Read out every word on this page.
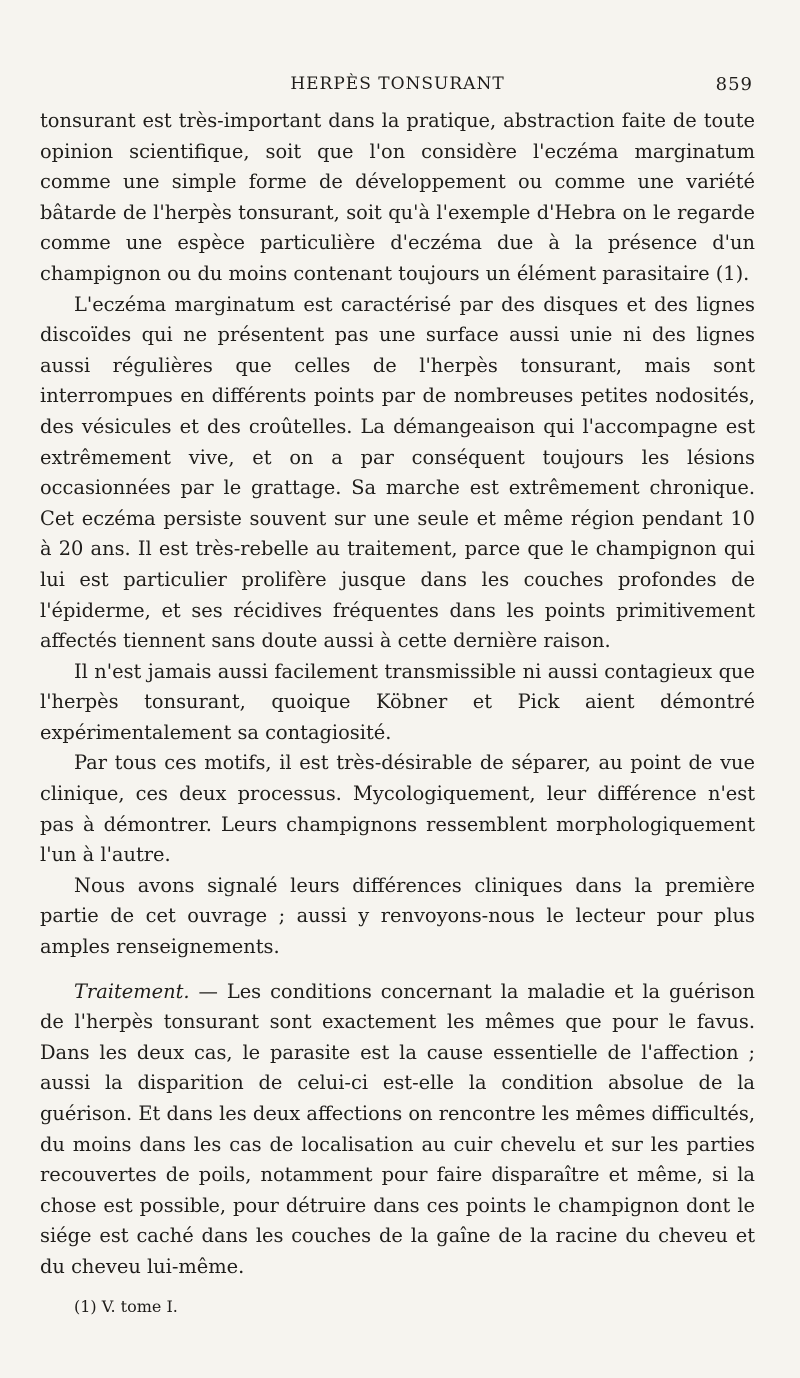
HERPÈS TONSURANT	859

tonsurant est très-important dans la pratique, abstraction faite de toute opinion scientifique, soit que l'on considère l'eczéma marginatum comme une simple forme de développement ou comme une variété bâtarde de l'herpès tonsurant, soit qu'à l'exemple d'Hebra on le regarde comme une espèce particulière d'eczéma due à la présence d'un champignon ou du moins contenant toujours un élément parasitaire (1).

L'eczéma marginatum est caractérisé par des disques et des lignes discoïdes qui ne présentent pas une surface aussi unie ni des lignes aussi régulières que celles de l'herpès tonsurant, mais sont interrompues en différents points par de nombreuses petites nodosités, des vésicules et des croûtelles. La démangeaison qui l'accompagne est extrêmement vive, et on a par conséquent toujours les lésions occasionnées par le grattage. Sa marche est extrêmement chronique. Cet eczéma persiste souvent sur une seule et même région pendant 10 à 20 ans. Il est très-rebelle au traitement, parce que le champignon qui lui est particulier prolifère jusque dans les couches profondes de l'épiderme, et ses récidives fréquentes dans les points primitivement affectés tiennent sans doute aussi à cette dernière raison.

Il n'est jamais aussi facilement transmissible ni aussi contagieux que l'herpès tonsurant, quoique Köbner et Pick aient démontré expérimentalement sa contagiosité.

Par tous ces motifs, il est très-désirable de séparer, au point de vue clinique, ces deux processus. Mycologiquement, leur différence n'est pas à démontrer. Leurs champignons ressemblent morphologiquement l'un à l'autre.

Nous avons signalé leurs différences cliniques dans la première partie de cet ouvrage ; aussi y renvoyons-nous le lecteur pour plus amples renseignements.

Traitement. — Les conditions concernant la maladie et la guérison de l'herpès tonsurant sont exactement les mêmes que pour le favus. Dans les deux cas, le parasite est la cause essentielle de l'affection ; aussi la disparition de celui-ci est-elle la condition absolue de la guérison. Et dans les deux affections on rencontre les mêmes difficultés, du moins dans les cas de localisation au cuir chevelu et sur les parties recouvertes de poils, notamment pour faire disparaître et même, si la chose est possible, pour détruire dans ces points le champignon dont le siége est caché dans les couches de la gaîne de la racine du cheveu et du cheveu lui-même.

(1) V. tome I.
